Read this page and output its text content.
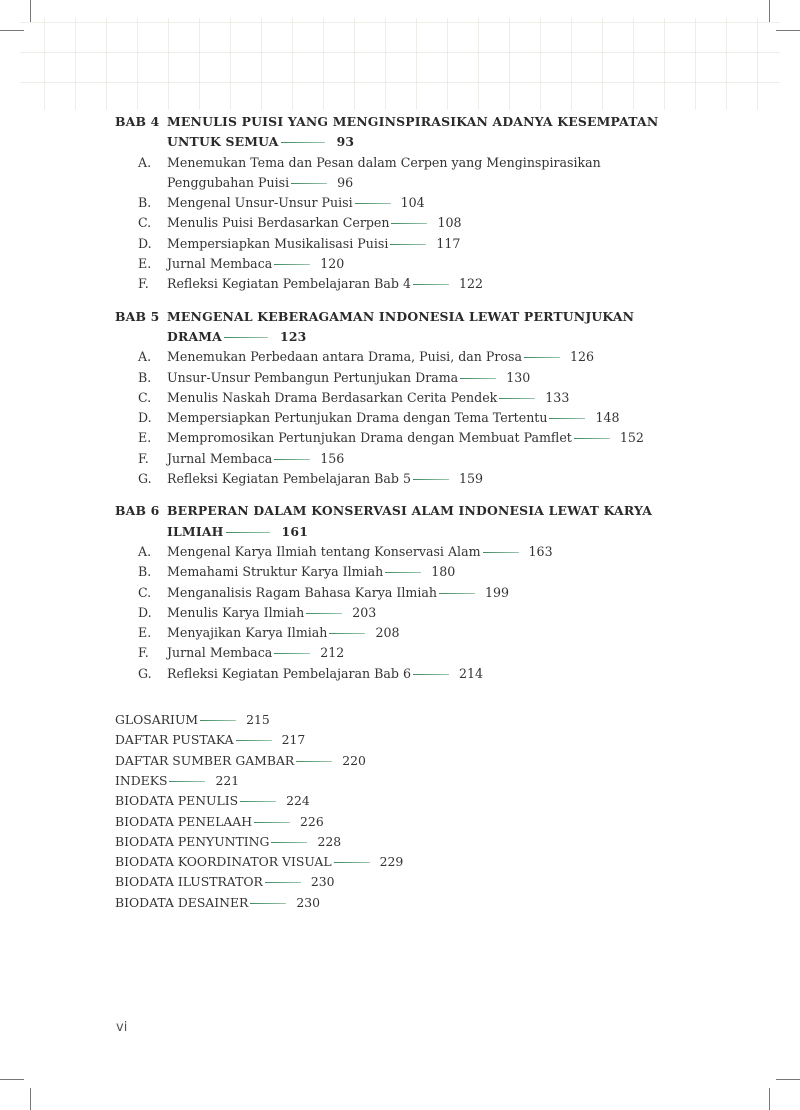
BAB 4 MENULIS PUISI YANG MENGINSPIRASIKAN ADANYA KESEMPATAN UNTUK SEMUA	93
A.	Menemukan Tema dan Pesan dalam Cerpen yang Menginspirasikan Penggubahan Puisi	96
B.	Mengenal Unsur-Unsur Puisi	104
C.	Menulis Puisi Berdasarkan Cerpen	108
D.	Mempersiapkan Musikalisasi Puisi	117
E.	Jurnal Membaca	120
F.	Refleksi Kegiatan Pembelajaran Bab 4	122
BAB 5 MENGENAL KEBERAGAMAN INDONESIA LEWAT PERTUNJUKAN DRAMA	123
A.	Menemukan Perbedaan antara Drama, Puisi, dan Prosa	126
B.	Unsur-Unsur Pembangun Pertunjukan Drama	130
C.	Menulis Naskah Drama Berdasarkan Cerita Pendek	133
D.	Mempersiapkan Pertunjukan Drama dengan Tema Tertentu	148
E.	Mempromosikan Pertunjukan Drama dengan Membuat Pamflet	152
F.	Jurnal Membaca	156
G.	Refleksi Kegiatan Pembelajaran Bab 5	159
BAB 6 BERPERAN DALAM KONSERVASI ALAM INDONESIA LEWAT KARYA ILMIAH	161
A.	Mengenal Karya Ilmiah tentang Konservasi Alam	163
B.	Memahami Struktur Karya Ilmiah	180
C.	Menganalisis Ragam Bahasa Karya Ilmiah	199
D.	Menulis Karya Ilmiah	203
E.	Menyajikan Karya Ilmiah	208
F.	Jurnal Membaca	212
G.	Refleksi Kegiatan Pembelajaran Bab 6	214
GLOSARIUM	215
DAFTAR PUSTAKA	217
DAFTAR SUMBER GAMBAR	220
INDEKS	221
BIODATA PENULIS	224
BIODATA PENELAAH	226
BIODATA PENYUNTING	228
BIODATA KOORDINATOR VISUAL	229
BIODATA ILUSTRATOR	230
BIODATA DESAINER	230
vi
